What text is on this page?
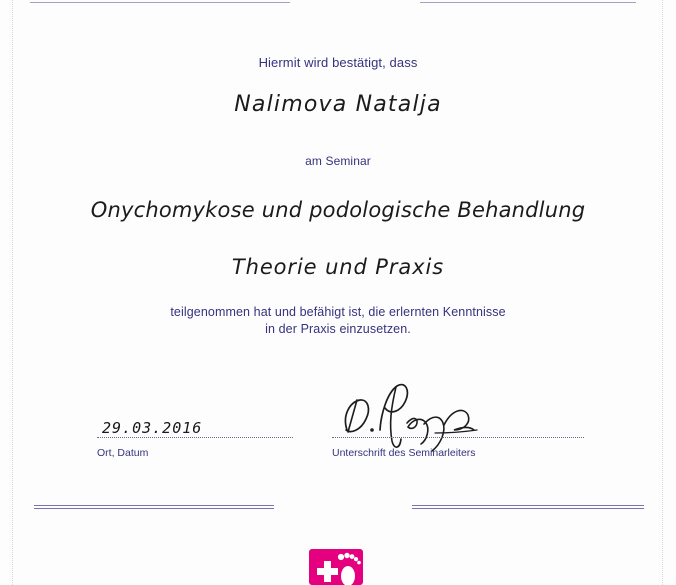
Hiermit wird bestätigt, dass
Nalimova Natalja
am Seminar
Onychomykose und podologische Behandlung
Theorie und Praxis
teilgenommen hat und befähigt ist, die erlernten Kenntnisse
in der Praxis einzusetzen.
29.03.2016
Ort, Datum	Unterschrift des Seminarleiters
